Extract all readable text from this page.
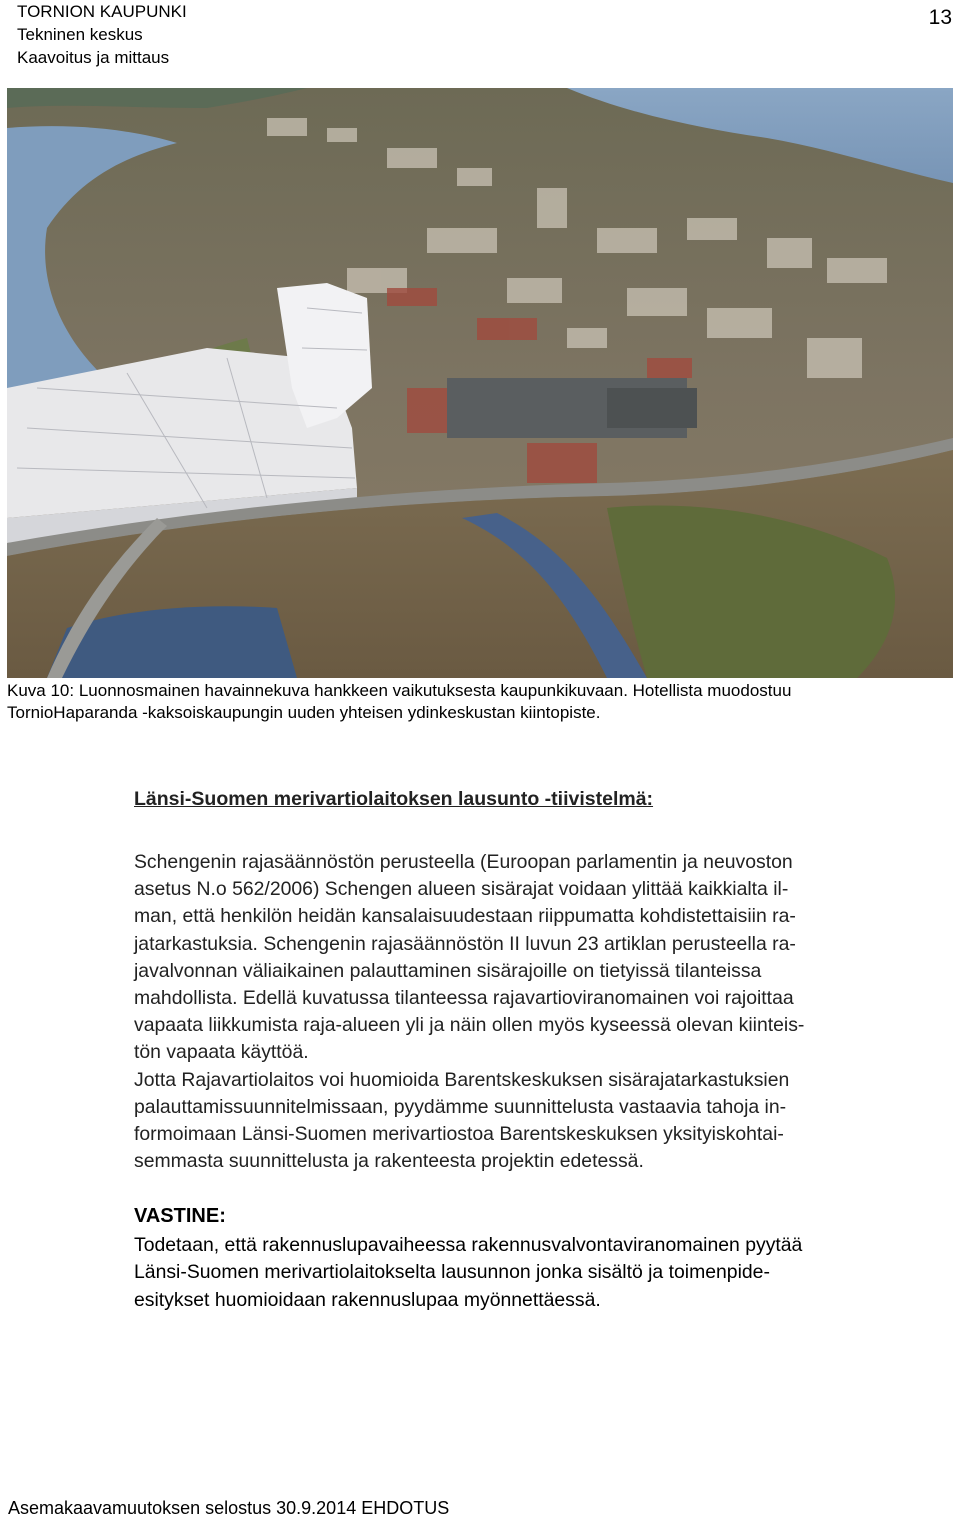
TORNION KAUPUNKI
Tekninen keskus
Kaavoitus ja mittaus
13
Kuva 10: Luonnosmainen havainnekuva hankkeen vaikutuksesta kaupunkikuvaan. Hotellista muodostuu
TornioHaparanda -kaksoiskaupungin uuden yhteisen ydinkeskustan kiintopiste.
Länsi-Suomen merivartiolaitoksen lausunto -tiivistelmä:
Schengenin rajasäännöstön perusteella (Euroopan parlamentin ja neuvoston
asetus N.o 562/2006) Schengen alueen sisärajat voidaan ylittää kaikkialta il-
man, että henkilön heidän kansalaisuudestaan riippumatta kohdistettaisiin ra-
jatarkastuksia. Schengenin rajasäännöstön II luvun 23 artiklan perusteella ra-
javalvonnan väliaikainen palauttaminen sisärajoille on tietyissä tilanteissa
mahdollista. Edellä kuvatussa tilanteessa rajavartioviranomainen voi rajoittaa
vapaata liikkumista raja-alueen yli ja näin ollen myös kyseessä olevan kiinteis-
tön vapaata käyttöä.
Jotta Rajavartiolaitos voi huomioida Barentskeskuksen sisärajatarkastuksien
palauttamissuunnitelmissaan, pyydämme suunnittelusta vastaavia tahoja in-
formoimaan Länsi-Suomen merivartiostoa Barentskeskuksen yksityiskohtai-
semmasta suunnittelusta ja rakenteesta projektin edetessä.
VASTINE:
Todetaan, että rakennuslupavaiheessa rakennusvalvontaviranomainen pyytää
Länsi-Suomen merivartiolaitokselta lausunnon jonka sisältö ja toimenpide-
esitykset huomioidaan rakennuslupaa myönnettäessä.
Asemakaavamuutoksen selostus 30.9.2014 EHDOTUS
